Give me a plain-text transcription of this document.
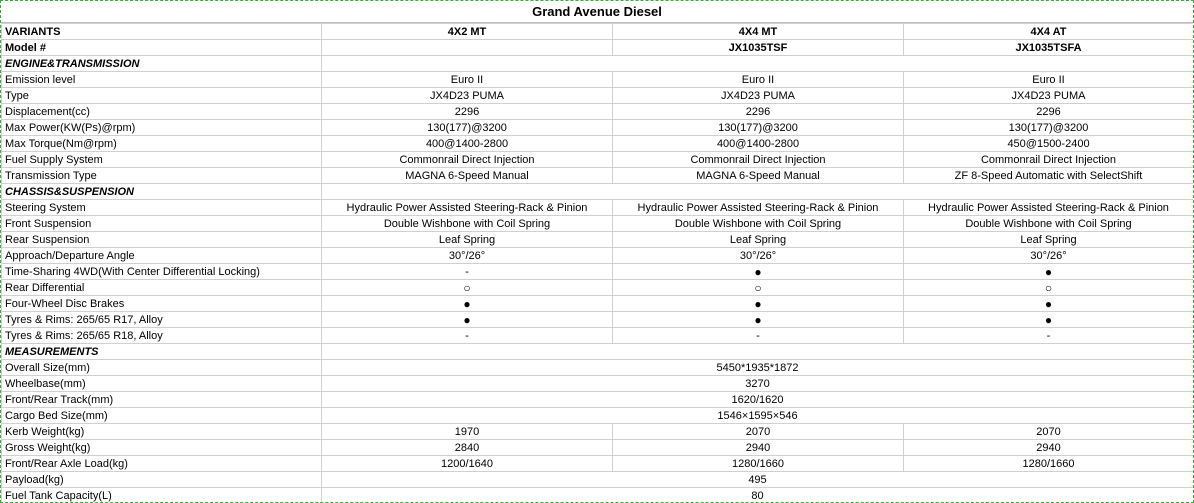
Grand Avenue Diesel
VARIANTS	4X2 MT	4X4 MT	4X4 AT
Model #		JX1035TSF	JX1035TSFA
ENGINE&TRANSMISSION			
Emission level	Euro II	Euro II	Euro II
Type	JX4D23 PUMA	JX4D23 PUMA	JX4D23 PUMA
Displacement(cc)	2296	2296	2296
Max Power(KW(Ps)@rpm)	130(177)@3200	130(177)@3200	130(177)@3200
Max Torque(Nm@rpm)	400@1400-2800	400@1400-2800	450@1500-2400
Fuel Supply System	Commonrail Direct Injection	Commonrail Direct Injection	Commonrail Direct Injection
Transmission Type	MAGNA 6-Speed Manual	MAGNA 6-Speed Manual	ZF 8-Speed Automatic with SelectShift
CHASSIS&SUSPENSION			
Steering System	Hydraulic Power Assisted Steering-Rack & Pinion	Hydraulic Power Assisted Steering-Rack & Pinion	Hydraulic Power Assisted Steering-Rack & Pinion
Front Suspension	Double Wishbone with Coil Spring	Double Wishbone with Coil Spring	Double Wishbone with Coil Spring
Rear Suspension	Leaf Spring	Leaf Spring	Leaf Spring
Approach/Departure Angle	30°/26°	30°/26°	30°/26°
Time-Sharing 4WD(With Center Differential Locking)	-	●	●
Rear Differential	○	○	○
Four-Wheel Disc Brakes	●	●	●
Tyres & Rims: 265/65 R17, Alloy	●	●	●
Tyres & Rims: 265/65 R18, Alloy	-	-	-
MEASUREMENTS			
Overall Size(mm)	5450*1935*1872		
Wheelbase(mm)	3270		
Front/Rear Track(mm)	1620/1620		
Cargo Bed Size(mm)	1546×1595×546		
Kerb Weight(kg)	1970	2070	2070
Gross Weight(kg)	2840	2940	2940
Front/Rear Axle Load(kg)	1200/1640	1280/1660	1280/1660
Payload(kg)	495		
Fuel Tank Capacity(L)	80		
